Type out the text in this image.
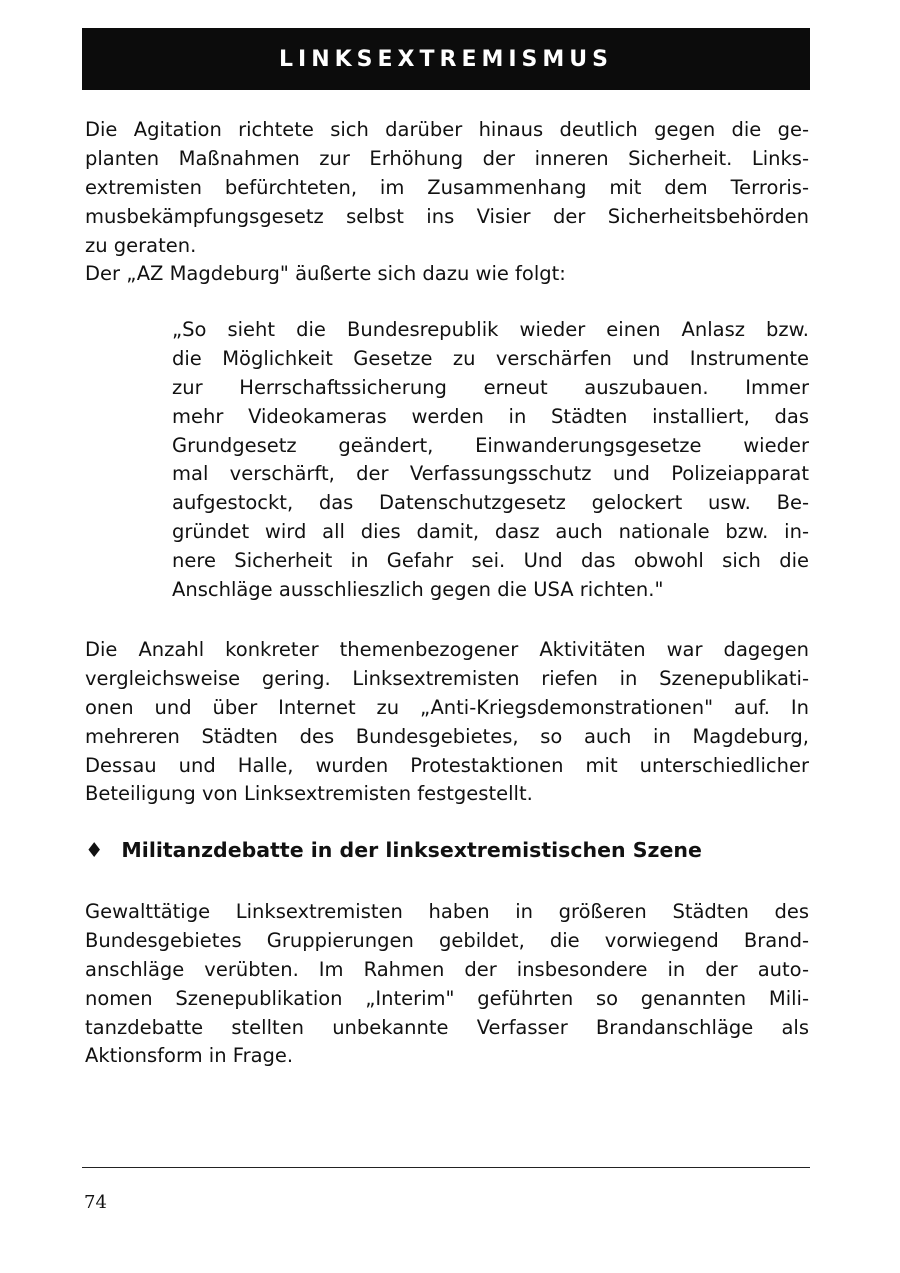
LINKSEXTREMISMUS
Die Agitation richtete sich darüber hinaus deutlich gegen die ge-
planten Maßnahmen zur Erhöhung der inneren Sicherheit. Links-
extremisten befürchteten, im Zusammenhang mit dem Terroris-
musbekämpfungsgesetz selbst ins Visier der Sicherheitsbehörden
zu geraten.
Der „AZ Magdeburg" äußerte sich dazu wie folgt:
„So sieht die Bundesrepublik wieder einen Anlasz bzw.
die Möglichkeit Gesetze zu verschärfen und Instrumente
zur Herrschaftssicherung erneut auszubauen. Immer
mehr Videokameras werden in Städten installiert, das
Grundgesetz geändert, Einwanderungsgesetze wieder
mal verschärft, der Verfassungsschutz und Polizeiapparat
aufgestockt, das Datenschutzgesetz gelockert usw. Be-
gründet wird all dies damit, dasz auch nationale bzw. in-
nere Sicherheit in Gefahr sei. Und das obwohl sich die
Anschläge ausschlieszlich gegen die USA richten."
Die Anzahl konkreter themenbezogener Aktivitäten war dagegen
vergleichsweise gering. Linksextremisten riefen in Szenepublikati-
onen und über Internet zu „Anti-Kriegsdemonstrationen" auf. In
mehreren Städten des Bundesgebietes, so auch in Magdeburg,
Dessau und Halle, wurden Protestaktionen mit unterschiedlicher
Beteiligung von Linksextremisten festgestellt.
♦ Militanzdebatte in der linksextremistischen Szene
Gewalttätige Linksextremisten haben in größeren Städten des
Bundesgebietes Gruppierungen gebildet, die vorwiegend Brand-
anschläge verübten. Im Rahmen der insbesondere in der auto-
nomen Szenepublikation „Interim" geführten so genannten Mili-
tanzdebatte stellten unbekannte Verfasser Brandanschläge als
Aktionsform in Frage.
74
